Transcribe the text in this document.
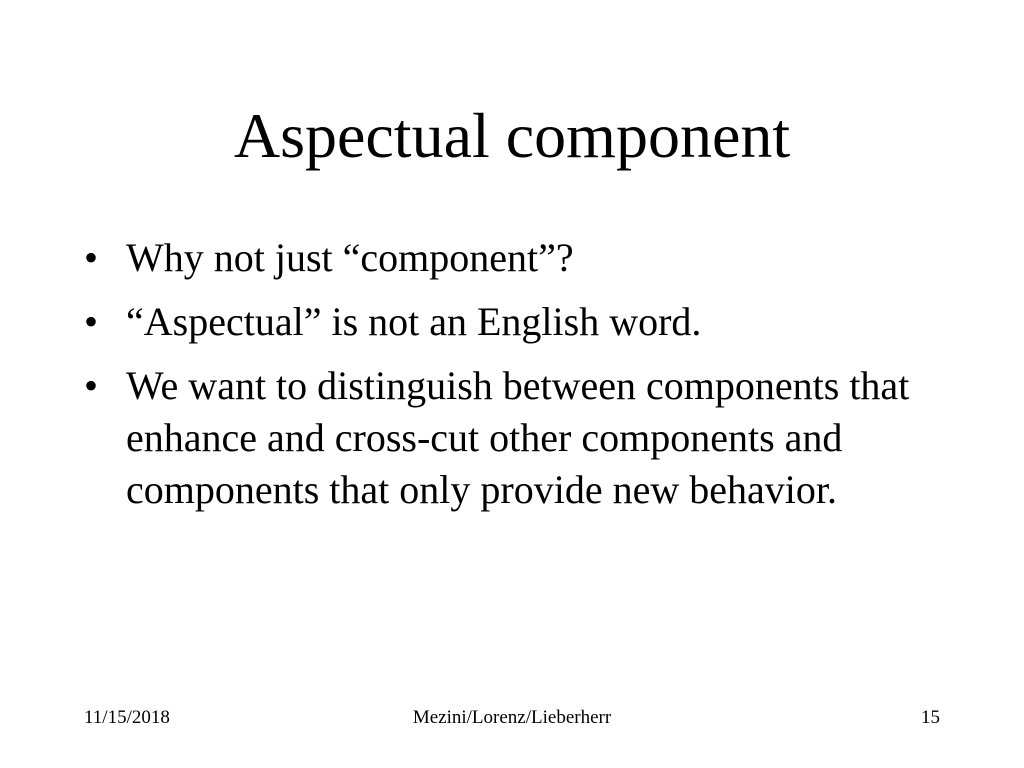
Aspectual component
• Why not just “component”?
• “Aspectual” is not an English word.
• We want to distinguish between components that enhance and cross-cut other components and components that only provide new behavior.
11/15/2018	Mezini/Lorenz/Lieberherr	15
